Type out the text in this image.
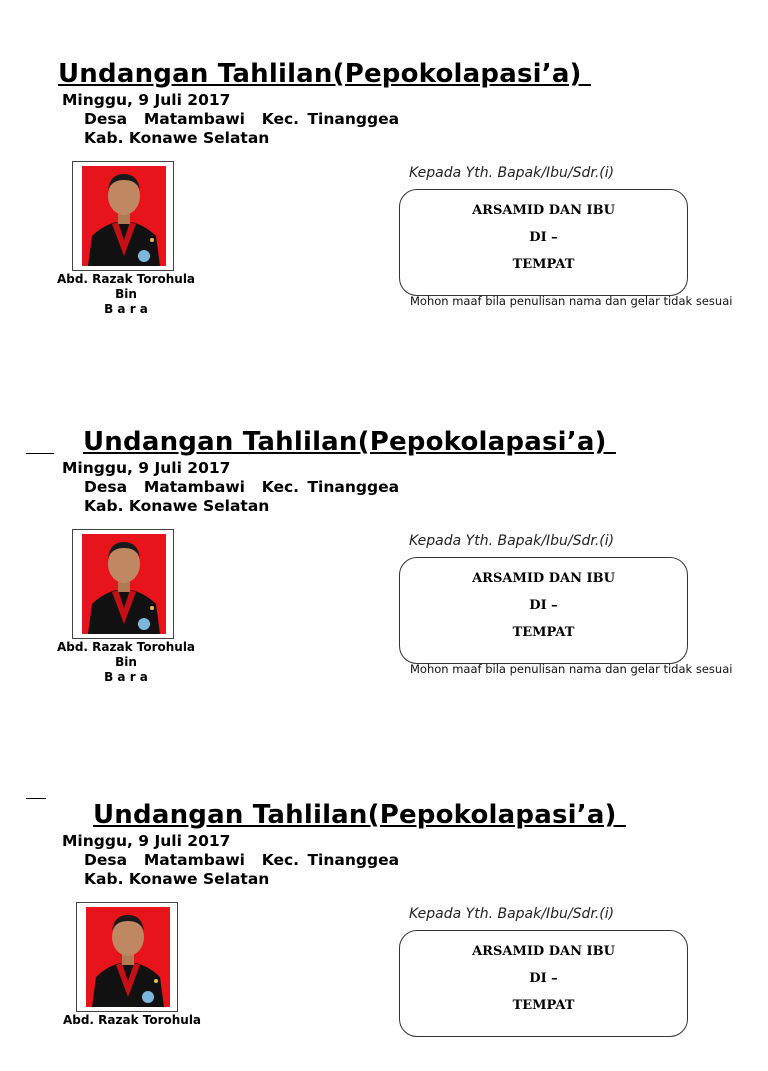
Undangan Tahlilan(Pepokolapasi’a)
Minggu, 9 Juli 2017
Desa  Matambawi  Kec. Tinanggea
Kab. Konawe Selatan
Abd. Razak Torohula
Bin
B a r a
Kepada Yth. Bapak/Ibu/Sdr.(i)
ARSAMID DAN IBU
DI –
TEMPAT
Mohon maaf bila penulisan nama dan gelar tidak sesuai
Undangan Tahlilan(Pepokolapasi’a)
Minggu, 9 Juli 2017
Desa  Matambawi  Kec. Tinanggea
Kab. Konawe Selatan
Abd. Razak Torohula
Bin
B a r a
Kepada Yth. Bapak/Ibu/Sdr.(i)
ARSAMID DAN IBU
DI –
TEMPAT
Mohon maaf bila penulisan nama dan gelar tidak sesuai
Undangan Tahlilan(Pepokolapasi’a)
Minggu, 9 Juli 2017
Desa  Matambawi  Kec. Tinanggea
Kab. Konawe Selatan
Abd. Razak Torohula
Kepada Yth. Bapak/Ibu/Sdr.(i)
ARSAMID DAN IBU
DI –
TEMPAT
